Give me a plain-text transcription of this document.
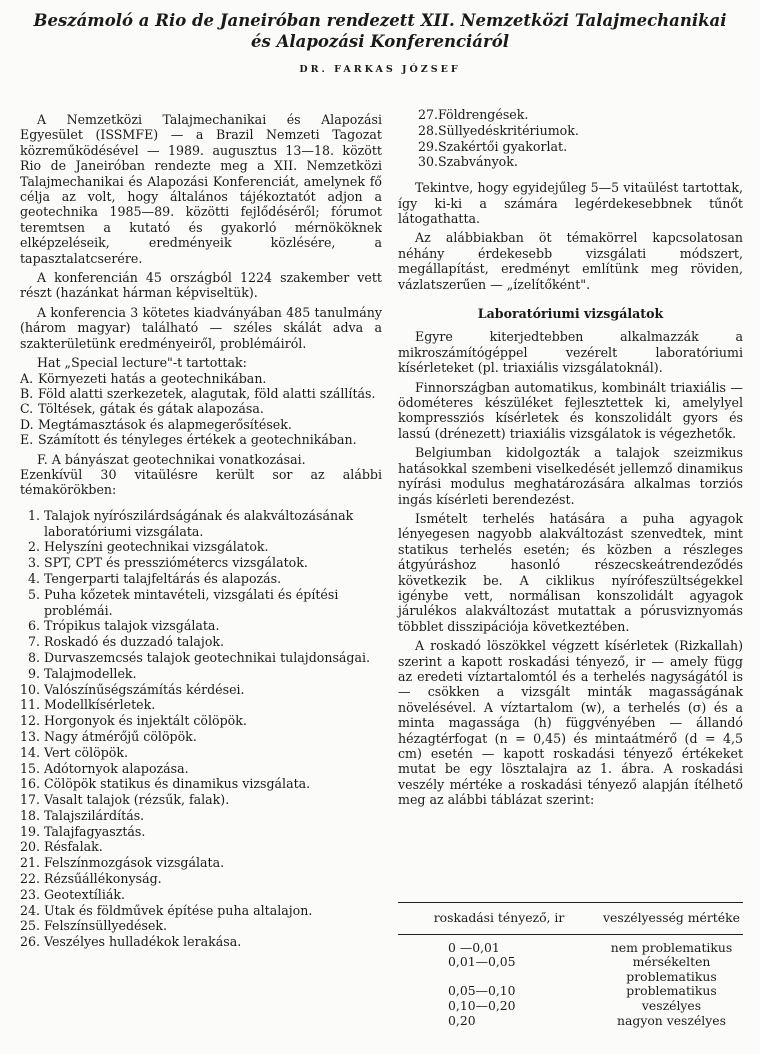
Beszámoló a Rio de Janeiróban rendezett XII. Nemzetközi Talajmechanikai
és Alapozási Konferenciáról
DR. FARKAS JÓZSEF

A Nemzetközi Talajmechanikai és Alapozási Egyesület (ISSMFE) — a Brazil Nemzeti Tagozat közreműködésével — 1989. augusztus 13—18. között Rio de Janeiróban rendezte meg a XII. Nemzetközi Talajmechanikai és Alapozási Konferenciát, amelynek fő célja az volt, hogy általános tájékoztatót adjon a geotechnika 1985—89. közötti fejlődéséről; fórumot teremtsen a kutató és gyakorló mérnököknek elképzeléseik, eredményeik közlésére, a tapasztalatcserére.

A konferencián 45 országból 1224 szakember vett részt (hazánkat hárman képviseltük).

A konferencia 3 kötetes kiadványában 485 tanulmány (három magyar) található — széles skálát adva a szakterületünk eredményeiről, problémáiról.

Hat „Special lecture"-t tartottak:

A. Környezeti hatás a geotechnikában.
B. Föld alatti szerkezetek, alagutak, föld alatti szállítás.
C. Töltések, gátak és gátak alapozása.
D. Megtámasztások és alapmegerősítések.
E. Számított és tényleges értékek a geotechnikában.

F. A bányászat geotechnikai vonatkozásai.

Ezenkívül 30 vitaülésre került sor az alábbi témakörökben:

1. Talajok nyírószilárdságának és alakváltozásának laboratóriumi vizsgálata.
2. Helyszíni geotechnikai vizsgálatok.
3. SPT, CPT és pressziómétercs vizsgálatok.
4. Tengerparti talajfeltárás és alapozás.
5. Puha kőzetek mintavételi, vizsgálati és építési problémái.
6. Trópikus talajok vizsgálata.
7. Roskadó és duzzadó talajok.
8. Durvaszemcsés talajok geotechnikai tulajdonságai.
9. Talajmodellek.
10. Valószínűségszámítás kérdései.
11. Modellkísérletek.
12. Horgonyok és injektált cölöpök.
13. Nagy átmérőjű cölöpök.
14. Vert cölöpök.
15. Adótornyok alapozása.
16. Cölöpök statikus és dinamikus vizsgálata.
17. Vasalt talajok (rézsűk, falak).
18. Talajszilárdítás.
19. Talajfagyasztás.
20. Résfalak.
21. Felszínmozgások vizsgálata.
22. Rézsűállékonyság.
23. Geotextíliák.
24. Utak és földművek építése puha altalajon.
25. Felszínsüllyedések.
26. Veszélyes hulladékok lerakása.
27. Földrengések.
28. Süllyedéskritériumok.
29. Szakértői gyakorlat.
30. Szabványok.

Tekintve, hogy egyidejűleg 5—5 vitaülést tartottak, így ki-ki a számára legérdekesebbnek tűnőt látogathatta.

Az alábbiakban öt témakörrel kapcsolatosan néhány érdekesebb vizsgálati módszert, megállapítást, eredményt említünk meg röviden, vázlatszerűen — „ízelítőként".

Laboratóriumi vizsgálatok

Egyre kiterjedtebben alkalmazzák a mikroszámítógéppel vezérelt laboratóriumi kísérleteket (pl. triaxiális vizsgálatoknál).

Finnországban automatikus, kombinált triaxiális — ödométeres készüléket fejlesztettek ki, amelylyel kompressziós kísérletek és konszolidált gyors és lassú (drénezett) triaxiális vizsgálatok is végezhetők.

Belgiumban kidolgozták a talajok szeizmikus hatásokkal szembeni viselkedését jellemző dinamikus nyírási modulus meghatározására alkalmas torziós ingás kísérleti berendezést.

Ismételt terhelés hatására a puha agyagok lényegesen nagyobb alakváltozást szenvedtek, mint statikus terhelés esetén; és közben a részleges átgyúráshoz hasonló részecskeátrendeződés következik be. A ciklikus nyírófeszültségekkel igénybe vett, normálisan konszolidált agyagok járulékos alakváltozást mutattak a pórusviznyomás többlet disszipációja következtében.

A roskadó löszökkel végzett kísérletek (Rizkallah) szerint a kapott roskadási tényező, ir — amely függ az eredeti víztartalomtól és a terhelés nagyságától is — csökken a vizsgált minták magasságának növelésével. A víztartalom (w), a terhelés (σ) és a minta magassága (h) függvényében — állandó hézagtérfogat (n = 0,45) és mintaátmérő (d = 4,5 cm) esetén — kapott roskadási tényező értékeket mutat be egy lösztalajra az 1. ábra. A roskadási veszély mértéke a roskadási tényező alapján ítélhető meg az alábbi táblázat szerint:

roskadási tényező, ir	veszélyesség mértéke
0 —0,01	nem problematikus
0,01—0,05	mérsékelten problematikus
0,05—0,10	problematikus
0,10—0,20	veszélyes
0,20	nagyon veszélyes
